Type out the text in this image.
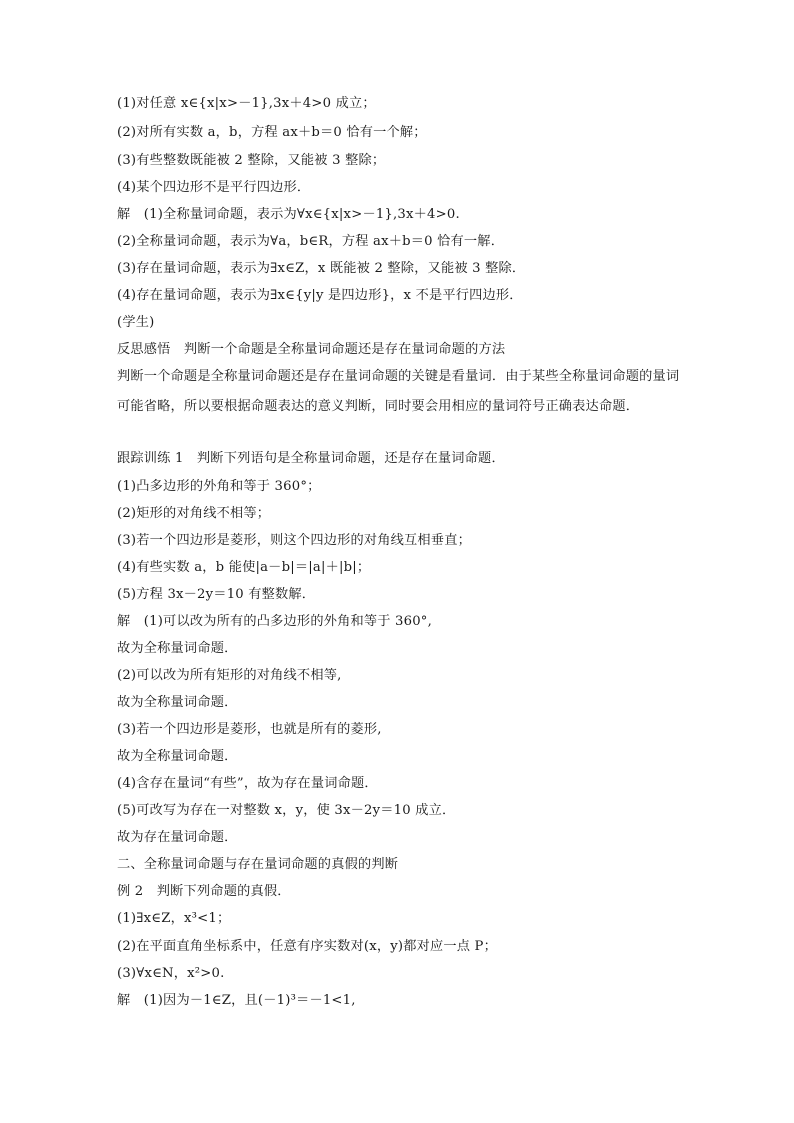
(1)对任意 x∈{x|x>－1},3x＋4>0 成立；
(2)对所有实数 a，b，方程 ax＋b＝0 恰有一个解；
(3)有些整数既能被 2 整除，又能被 3 整除；
(4)某个四边形不是平行四边形．
解　(1)全称量词命题，表示为∀x∈{x|x>－1},3x＋4>0.
(2)全称量词命题，表示为∀a，b∈R，方程 ax＋b＝0 恰有一解．
(3)存在量词命题，表示为∃x∈Z，x 既能被 2 整除，又能被 3 整除．
(4)存在量词命题，表示为∃x∈{y|y 是四边形}，x 不是平行四边形．
(学生)
反思感悟　判断一个命题是全称量词命题还是存在量词命题的方法
判断一个命题是全称量词命题还是存在量词命题的关键是看量词．由于某些全称量词命题的量词可能省略，所以要根据命题表达的意义判断，同时要会用相应的量词符号正确表达命题．
跟踪训练 1　判断下列语句是全称量词命题，还是存在量词命题．
(1)凸多边形的外角和等于 360°；
(2)矩形的对角线不相等；
(3)若一个四边形是菱形，则这个四边形的对角线互相垂直；
(4)有些实数 a，b 能使|a－b|＝|a|＋|b|；
(5)方程 3x－2y＝10 有整数解．
解　(1)可以改为所有的凸多边形的外角和等于 360°,
故为全称量词命题．
(2)可以改为所有矩形的对角线不相等,
故为全称量词命题．
(3)若一个四边形是菱形，也就是所有的菱形,
故为全称量词命题．
(4)含存在量词“有些”，故为存在量词命题．
(5)可改写为存在一对整数 x，y，使 3x－2y＝10 成立．
故为存在量词命题．
二、全称量词命题与存在量词命题的真假的判断
例 2　判断下列命题的真假．
(1)∃x∈Z，x³<1；
(2)在平面直角坐标系中，任意有序实数对(x，y)都对应一点 P；
(3)∀x∈N，x²>0.
解　(1)因为－1∈Z，且(－1)³＝－1<1,
